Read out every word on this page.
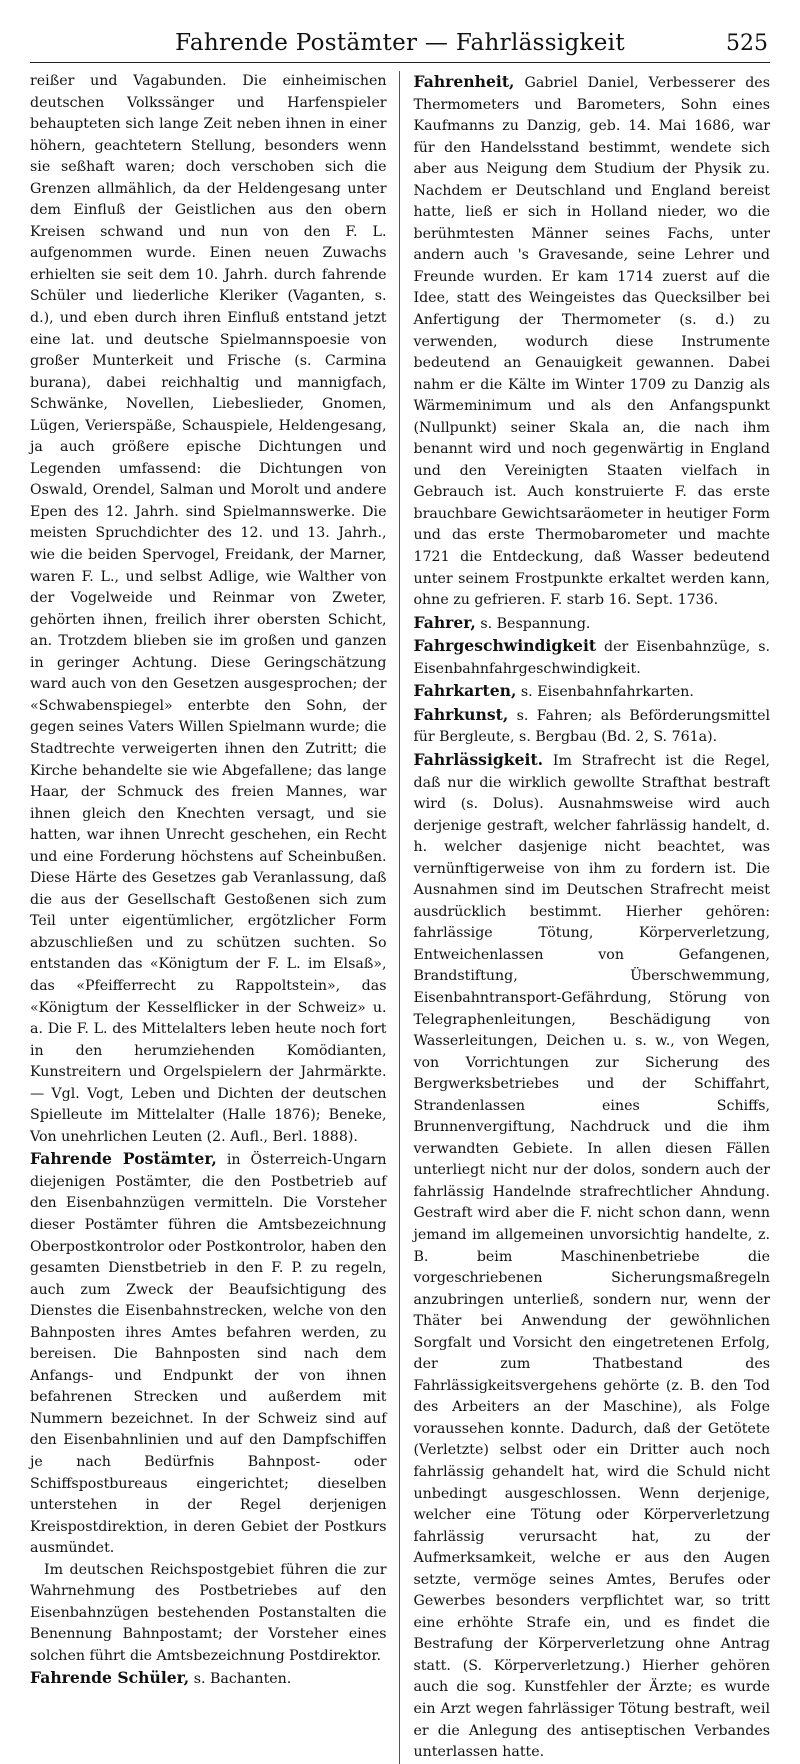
Fahrende Postämter — Fahrlässigkeit	525

reißer und Vagabunden. Die einheimischen deutschen Volkssänger und Harfenspieler behaupteten sich lange Zeit neben ihnen in einer höhern, geachtetern Stellung, besonders wenn sie seßhaft waren; doch verschoben sich die Grenzen allmählich, da der Heldengesang unter dem Einfluß der Geistlichen aus den obern Kreisen schwand und nun von den F. L. aufgenommen wurde. Einen neuen Zuwachs erhielten sie seit dem 10. Jahrh. durch fahrende Schüler und liederliche Kleriker (Vaganten, s. d.), und eben durch ihren Einfluß entstand jetzt eine lat. und deutsche Spielmannspoesie von großer Munterkeit und Frische (s. Carmina burana), dabei reichhaltig und mannigfach, Schwänke, Novellen, Liebeslieder, Gnomen, Lügen, Verierspäße, Schauspiele, Heldengesang, ja auch größere epische Dichtungen und Legenden umfassend: die Dichtungen von Oswald, Orendel, Salman und Morolt und andere Epen des 12. Jahrh. sind Spielmannswerke. Die meisten Spruchdichter des 12. und 13. Jahrh., wie die beiden Spervogel, Freidank, der Marner, waren F. L., und selbst Adlige, wie Walther von der Vogelweide und Reinmar von Zweter, gehörten ihnen, freilich ihrer obersten Schicht, an. Trotzdem blieben sie im großen und ganzen in geringer Achtung. Diese Geringschätzung ward auch von den Gesetzen ausgesprochen; der «Schwabenspiegel» enterbte den Sohn, der gegen seines Vaters Willen Spielmann wurde; die Stadtrechte verweigerten ihnen den Zutritt; die Kirche behandelte sie wie Abgefallene; das lange Haar, der Schmuck des freien Mannes, war ihnen gleich den Knechten versagt, und sie hatten, war ihnen Unrecht geschehen, ein Recht und eine Forderung höchstens auf Scheinbußen. Diese Härte des Gesetzes gab Veranlassung, daß die aus der Gesellschaft Gestoßenen sich zum Teil unter eigentümlicher, ergötzlicher Form abzuschließen und zu schützen suchten. So entstanden das «Königtum der F. L. im Elsaß», das «Pfeifferrecht zu Rappoltstein», das «Königtum der Kesselflicker in der Schweiz» u. a. Die F. L. des Mittelalters leben heute noch fort in den herumziehenden Komödianten, Kunstreitern und Orgelspielern der Jahrmärkte. — Vgl. Vogt, Leben und Dichten der deutschen Spielleute im Mittelalter (Halle 1876); Beneke, Von unehrlichen Leuten (2. Aufl., Berl. 1888).

Fahrende Postämter, in Österreich-Ungarn diejenigen Postämter, die den Postbetrieb auf den Eisenbahnzügen vermitteln. Die Vorsteher dieser Postämter führen die Amtsbezeichnung Oberpostkontrolor oder Postkontrolor, haben den gesamten Dienstbetrieb in den F. P. zu regeln, auch zum Zweck der Beaufsichtigung des Dienstes die Eisenbahnstrecken, welche von den Bahnposten ihres Amtes befahren werden, zu bereisen. Die Bahnposten sind nach dem Anfangs- und Endpunkt der von ihnen befahrenen Strecken und außerdem mit Nummern bezeichnet. In der Schweiz sind auf den Eisenbahnlinien und auf den Dampfschiffen je nach Bedürfnis Bahnpost- oder Schiffspostbureaus eingerichtet; dieselben unterstehen in der Regel derjenigen Kreispostdirektion, in deren Gebiet der Postkurs ausmündet.

Im deutschen Reichspostgebiet führen die zur Wahrnehmung des Postbetriebes auf den Eisenbahnzügen bestehenden Postanstalten die Benennung Bahnpostamt; der Vorsteher eines solchen führt die Amtsbezeichnung Postdirektor.

Fahrende Schüler, s. Bachanten.

Fahrenheit, Gabriel Daniel, Verbesserer des Thermometers und Barometers, Sohn eines Kaufmanns zu Danzig, geb. 14. Mai 1686, war für den Handelsstand bestimmt, wendete sich aber aus Neigung dem Studium der Physik zu. Nachdem er Deutschland und England bereist hatte, ließ er sich in Holland nieder, wo die berühmtesten Männer seines Fachs, unter andern auch 's Gravesande, seine Lehrer und Freunde wurden. Er kam 1714 zuerst auf die Idee, statt des Weingeistes das Quecksilber bei Anfertigung der Thermometer (s. d.) zu verwenden, wodurch diese Instrumente bedeutend an Genauigkeit gewannen. Dabei nahm er die Kälte im Winter 1709 zu Danzig als Wärmeminimum und als den Anfangspunkt (Nullpunkt) seiner Skala an, die nach ihm benannt wird und noch gegenwärtig in England und den Vereinigten Staaten vielfach in Gebrauch ist. Auch konstruierte F. das erste brauchbare Gewichtsaräometer in heutiger Form und das erste Thermobarometer und machte 1721 die Entdeckung, daß Wasser bedeutend unter seinem Frostpunkte erkaltet werden kann, ohne zu gefrieren. F. starb 16. Sept. 1736.

Fahrer, s. Bespannung.

Fahrgeschwindigkeit der Eisenbahnzüge, s. Eisenbahnfahrgeschwindigkeit.

Fahrkarten, s. Eisenbahnfahrkarten.

Fahrkunst, s. Fahren; als Beförderungsmittel für Bergleute, s. Bergbau (Bd. 2, S. 761a).

Fahrlässigkeit. Im Strafrecht ist die Regel, daß nur die wirklich gewollte Strafthat bestraft wird (s. Dolus). Ausnahmsweise wird auch derjenige gestraft, welcher fahrlässig handelt, d. h. welcher dasjenige nicht beachtet, was vernünftigerweise von ihm zu fordern ist. Die Ausnahmen sind im Deutschen Strafrecht meist ausdrücklich bestimmt. Hierher gehören: fahrlässige Tötung, Körperverletzung, Entweichenlassen von Gefangenen, Brandstiftung, Überschwemmung, Eisenbahntransport-Gefährdung, Störung von Telegraphenleitungen, Beschädigung von Wasserleitungen, Deichen u. s. w., von Wegen, von Vorrichtungen zur Sicherung des Bergwerksbetriebes und der Schiffahrt, Strandenlassen eines Schiffs, Brunnenvergiftung, Nachdruck und die ihm verwandten Gebiete. In allen diesen Fällen unterliegt nicht nur der dolos, sondern auch der fahrlässig Handelnde strafrechtlicher Ahndung. Gestraft wird aber die F. nicht schon dann, wenn jemand im allgemeinen unvorsichtig handelte, z. B. beim Maschinenbetriebe die vorgeschriebenen Sicherungsmaßregeln anzubringen unterließ, sondern nur, wenn der Thäter bei Anwendung der gewöhnlichen Sorgfalt und Vorsicht den eingetretenen Erfolg, der zum Thatbestand des Fahrlässigkeitsvergehens gehörte (z. B. den Tod des Arbeiters an der Maschine), als Folge voraussehen konnte. Dadurch, daß der Getötete (Verletzte) selbst oder ein Dritter auch noch fahrlässig gehandelt hat, wird die Schuld nicht unbedingt ausgeschlossen. Wenn derjenige, welcher eine Tötung oder Körperverletzung fahrlässig verursacht hat, zu der Aufmerksamkeit, welche er aus den Augen setzte, vermöge seines Amtes, Berufes oder Gewerbes besonders verpflichtet war, so tritt eine erhöhte Strafe ein, und es findet die Bestrafung der Körperverletzung ohne Antrag statt. (S. Körperverletzung.) Hierher gehören auch die sog. Kunstfehler der Ärzte; es wurde ein Arzt wegen fahrlässiger Tötung bestraft, weil er die Anlegung des antiseptischen Verbandes unterlassen hatte.
